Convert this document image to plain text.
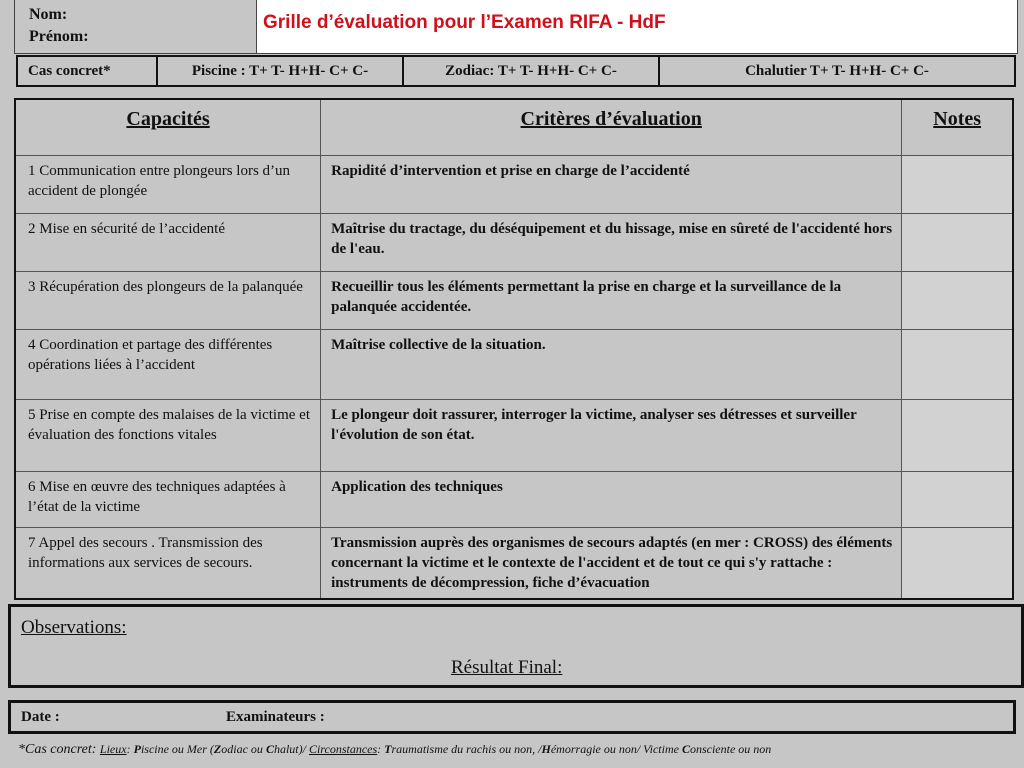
Nom:
Prénom:
Grille d’évaluation pour l’Examen RIFA - HdF
Cas concret*	Piscine : T+ T- H+H- C+ C-	Zodiac: T+ T- H+H- C+ C-	Chalutier T+ T- H+H- C+ C-
Capacités	Critères d’évaluation	Notes
1 Communication entre plongeurs lors d’un accident de plongée	Rapidité d’intervention et prise en charge de l’accidenté	
2 Mise en sécurité de l’accidenté	Maîtrise du tractage, du déséquipement et du hissage, mise en sûreté de l'accidenté hors de l'eau.	
3 Récupération des plongeurs de la palanquée	Recueillir tous les éléments permettant la prise en charge et la surveillance de la palanquée accidentée.	
4 Coordination et partage des différentes opérations liées à l’accident	Maîtrise collective de la situation.	
5 Prise en compte des malaises de la victime et évaluation des fonctions vitales	Le plongeur doit rassurer, interroger la victime, analyser ses détresses et surveiller l'évolution de son état.	
6 Mise en œuvre des techniques adaptées à l’état de la victime	Application des techniques	
7 Appel des secours . Transmission des informations aux services de secours.	Transmission auprès des organismes de secours adaptés (en mer : CROSS) des éléments concernant la victime et le contexte de l'accident et de tout ce qui s'y rattache : instruments de décompression, fiche d’évacuation	
Observations:
Résultat Final:
Date :	Examinateurs :
*Cas concret: Lieux: Piscine ou Mer (Zodiac ou Chalut)/ Circonstances: Traumatisme du rachis ou non, /Hémorragie ou non/ Victime Consciente ou non
